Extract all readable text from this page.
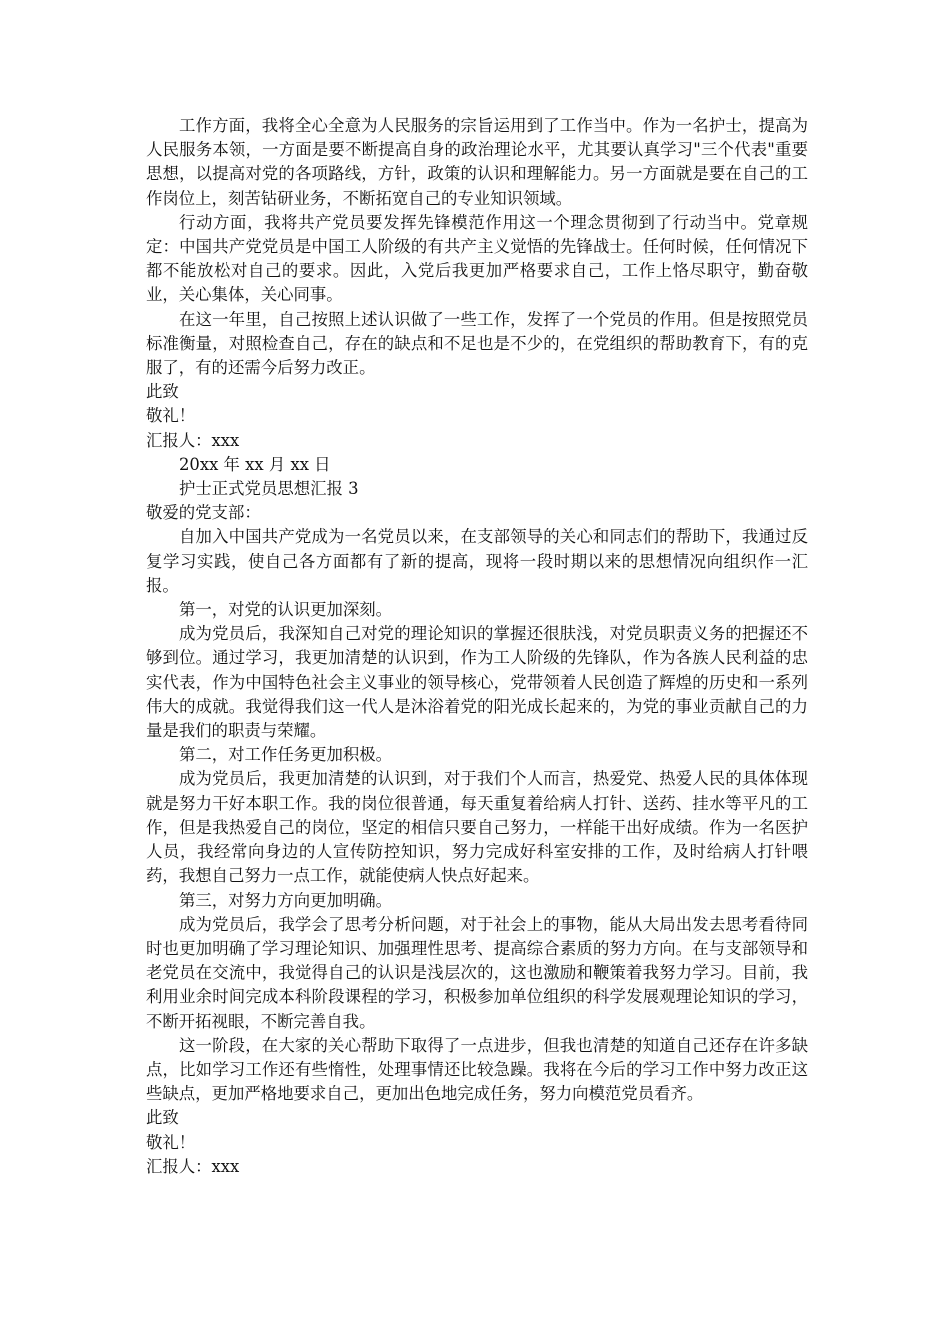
工作方面，我将全心全意为人民服务的宗旨运用到了工作当中。作为一名护士，提高为人民服务本领，一方面是要不断提高自身的政治理论水平，尤其要认真学习"三个代表"重要思想，以提高对党的各项路线，方针，政策的认识和理解能力。另一方面就是要在自己的工作岗位上，刻苦钻研业务，不断拓宽自己的专业知识领域。

行动方面，我将共产党员要发挥先锋模范作用这一个理念贯彻到了行动当中。党章规定：中国共产党党员是中国工人阶级的有共产主义觉悟的先锋战士。任何时候，任何情况下都不能放松对自己的要求。因此，入党后我更加严格要求自己，工作上恪尽职守，勤奋敬业，关心集体，关心同事。

在这一年里，自己按照上述认识做了一些工作，发挥了一个党员的作用。但是按照党员标准衡量，对照检查自己，存在的缺点和不足也是不少的，在党组织的帮助教育下，有的克服了，有的还需今后努力改正。

此致

敬礼！

汇报人：xxx

20xx 年 xx 月 xx 日

护士正式党员思想汇报 3

敬爱的党支部：

自加入中国共产党成为一名党员以来，在支部领导的关心和同志们的帮助下，我通过反复学习实践，使自己各方面都有了新的提高，现将一段时期以来的思想情况向组织作一汇报。

第一，对党的认识更加深刻。

成为党员后，我深知自己对党的理论知识的掌握还很肤浅，对党员职责义务的把握还不够到位。通过学习，我更加清楚的认识到，作为工人阶级的先锋队，作为各族人民利益的忠实代表，作为中国特色社会主义事业的领导核心，党带领着人民创造了辉煌的历史和一系列伟大的成就。我觉得我们这一代人是沐浴着党的阳光成长起来的，为党的事业贡献自己的力量是我们的职责与荣耀。

第二，对工作任务更加积极。

成为党员后，我更加清楚的认识到，对于我们个人而言，热爱党、热爱人民的具体体现就是努力干好本职工作。我的岗位很普通，每天重复着给病人打针、送药、挂水等平凡的工作，但是我热爱自己的岗位，坚定的相信只要自己努力，一样能干出好成绩。作为一名医护人员，我经常向身边的人宣传防控知识，努力完成好科室安排的工作，及时给病人打针喂药，我想自己努力一点工作，就能使病人快点好起来。

第三，对努力方向更加明确。

成为党员后，我学会了思考分析问题，对于社会上的事物，能从大局出发去思考看待同时也更加明确了学习理论知识、加强理性思考、提高综合素质的努力方向。在与支部领导和老党员在交流中，我觉得自己的认识是浅层次的，这也激励和鞭策着我努力学习。目前，我利用业余时间完成本科阶段课程的学习，积极参加单位组织的科学发展观理论知识的学习，不断开拓视眼，不断完善自我。

这一阶段，在大家的关心帮助下取得了一点进步，但我也清楚的知道自己还存在许多缺点，比如学习工作还有些惰性，处理事情还比较急躁。我将在今后的学习工作中努力改正这些缺点，更加严格地要求自己，更加出色地完成任务，努力向模范党员看齐。

此致

敬礼！

汇报人：xxx
